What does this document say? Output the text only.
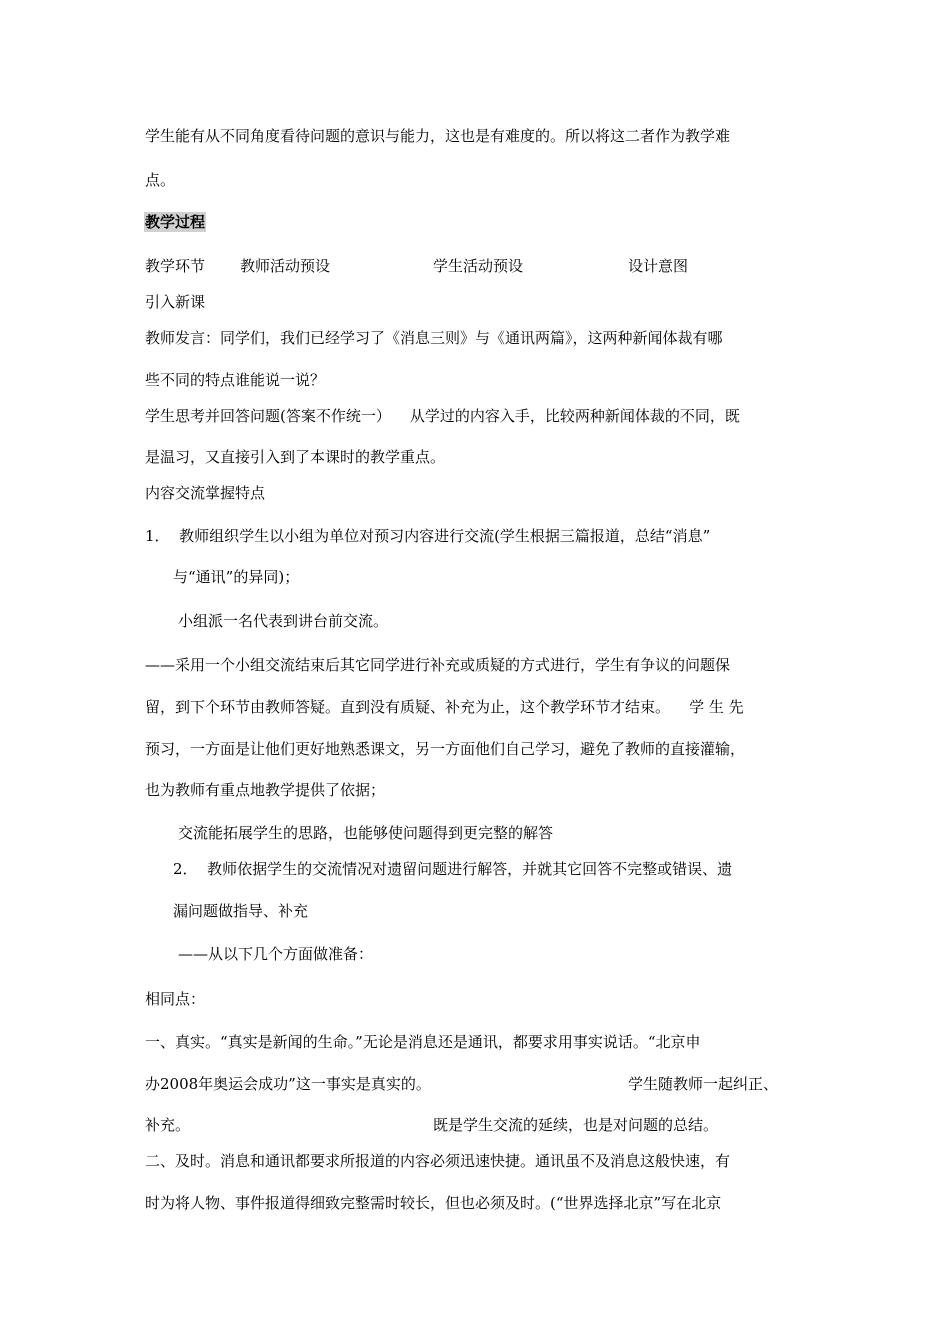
学生能有从不同角度看待问题的意识与能力，这也是有难度的。所以将这二者作为教学难
点。
教学过程
教学环节 教师活动预设	学生活动预设	设计意图
引入新课
教师发言：同学们，我们已经学习了《消息三则》与《通讯两篇》，这两种新闻体裁有哪
些不同的特点谁能说一说？
学生思考并回答问题(答案不作统一）    从学过的内容入手，比较两种新闻体裁的不同，既
是温习，又直接引入到了本课时的教学重点。
内容交流掌握特点
1．  教师组织学生以小组为单位对预习内容进行交流(学生根据三篇报道，总结“消息”
与“通讯”的异同)；
小组派一名代表到讲台前交流。
——采用一个小组交流结束后其它同学进行补充或质疑的方式进行，学生有争议的问题保
留，到下个环节由教师答疑。直到没有质疑、补充为止，这个教学环节才结束。    学 生 先
预习，一方面是让他们更好地熟悉课文，另一方面他们自己学习，避免了教师的直接灌输，
也为教师有重点地教学提供了依据；
交流能拓展学生的思路，也能够使问题得到更完整的解答
2．  教师依据学生的交流情况对遗留问题进行解答，并就其它回答不完整或错误、遗
漏问题做指导、补充
——从以下几个方面做准备：
相同点：
一、真实。“真实是新闻的生命。”无论是消息还是通讯，都要求用事实说话。“北京申
办2008年奥运会成功”这一事实是真实的。	学生随教师一起纠正、
补充。	既是学生交流的延续，也是对问题的总结。
二、及时。消息和通讯都要求所报道的内容必须迅速快捷。通讯虽不及消息这般快速，有
时为将人物、事件报道得细致完整需时较长，但也必须及时。(“世界选择北京”写在北京
